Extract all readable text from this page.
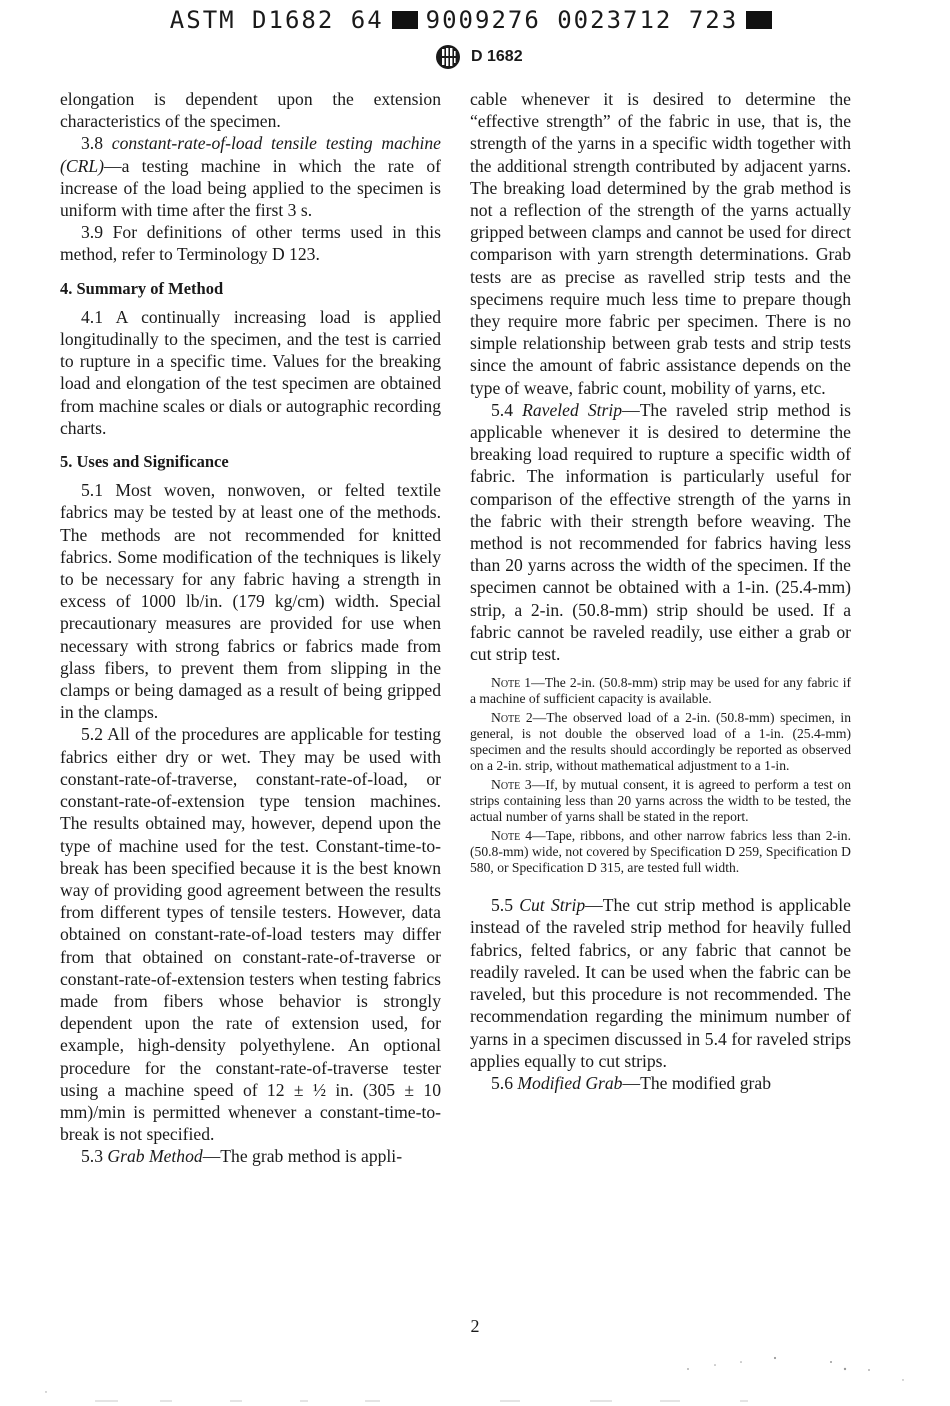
ASTM D1682 64 9009276 0023712 723
D 1682

elongation is dependent upon the extension characteristics of the specimen.

3.8 constant-rate-of-load tensile testing machine (CRL)—a testing machine in which the rate of increase of the load being applied to the specimen is uniform with time after the first 3 s.

3.9 For definitions of other terms used in this method, refer to Terminology D 123.

4. Summary of Method

4.1 A continually increasing load is applied longitudinally to the specimen, and the test is carried to rupture in a specific time. Values for the breaking load and elongation of the test specimen are obtained from machine scales or dials or autographic recording charts.

5. Uses and Significance

5.1 Most woven, nonwoven, or felted textile fabrics may be tested by at least one of the methods. The methods are not recommended for knitted fabrics. Some modification of the techniques is likely to be necessary for any fabric having a strength in excess of 1000 lb/in. (179 kg/cm) width. Special precautionary measures are provided for use when necessary with strong fabrics or fabrics made from glass fibers, to prevent them from slipping in the clamps or being damaged as a result of being gripped in the clamps.

5.2 All of the procedures are applicable for testing fabrics either dry or wet. They may be used with constant-rate-of-traverse, constant-rate-of-load, or constant-rate-of-extension type tension machines. The results obtained may, however, depend upon the type of machine used for the test. Constant-time-to-break has been specified because it is the best known way of providing good agreement between the results from different types of tensile testers. However, data obtained on constant-rate-of-load testers may differ from that obtained on constant-rate-of-traverse or constant-rate-of-extension testers when testing fabrics made from fibers whose behavior is strongly dependent upon the rate of extension used, for example, high-density polyethylene. An optional procedure for the constant-rate-of-traverse tester using a machine speed of 12 ± ½ in. (305 ± 10 mm)/min is permitted whenever a constant-time-to-break is not specified.

5.3 Grab Method—The grab method is appli-

cable whenever it is desired to determine the “effective strength” of the fabric in use, that is, the strength of the yarns in a specific width together with the additional strength contributed by adjacent yarns. The breaking load determined by the grab method is not a reflection of the strength of the yarns actually gripped between clamps and cannot be used for direct comparison with yarn strength determinations. Grab tests are as precise as ravelled strip tests and the specimens require much less time to prepare though they require more fabric per specimen. There is no simple relationship between grab tests and strip tests since the amount of fabric assistance depends on the type of weave, fabric count, mobility of yarns, etc.

5.4 Raveled Strip—The raveled strip method is applicable whenever it is desired to determine the breaking load required to rupture a specific width of fabric. The information is particularly useful for comparison of the effective strength of the yarns in the fabric with their strength before weaving. The method is not recommended for fabrics having less than 20 yarns across the width of the specimen. If the specimen cannot be obtained with a 1-in. (25.4-mm) strip, a 2-in. (50.8-mm) strip should be used. If a fabric cannot be raveled readily, use either a grab or cut strip test.

Note 1—The 2-in. (50.8-mm) strip may be used for any fabric if a machine of sufficient capacity is available.

Note 2—The observed load of a 2-in. (50.8-mm) specimen, in general, is not double the observed load of a 1-in. (25.4-mm) specimen and the results should accordingly be reported as observed on a 2-in. strip, without mathematical adjustment to a 1-in.

Note 3—If, by mutual consent, it is agreed to perform a test on strips containing less than 20 yarns across the width to be tested, the actual number of yarns shall be stated in the report.

Note 4—Tape, ribbons, and other narrow fabrics less than 2-in. (50.8-mm) wide, not covered by Specification D 259, Specification D 580, or Specification D 315, are tested full width.

5.5 Cut Strip—The cut strip method is applicable instead of the raveled strip method for heavily fulled fabrics, felted fabrics, or any fabric that cannot be readily raveled. It can be used when the fabric can be raveled, but this procedure is not recommended. The recommendation regarding the minimum number of yarns in a specimen discussed in 5.4 for raveled strips applies equally to cut strips.

5.6 Modified Grab—The modified grab

2
